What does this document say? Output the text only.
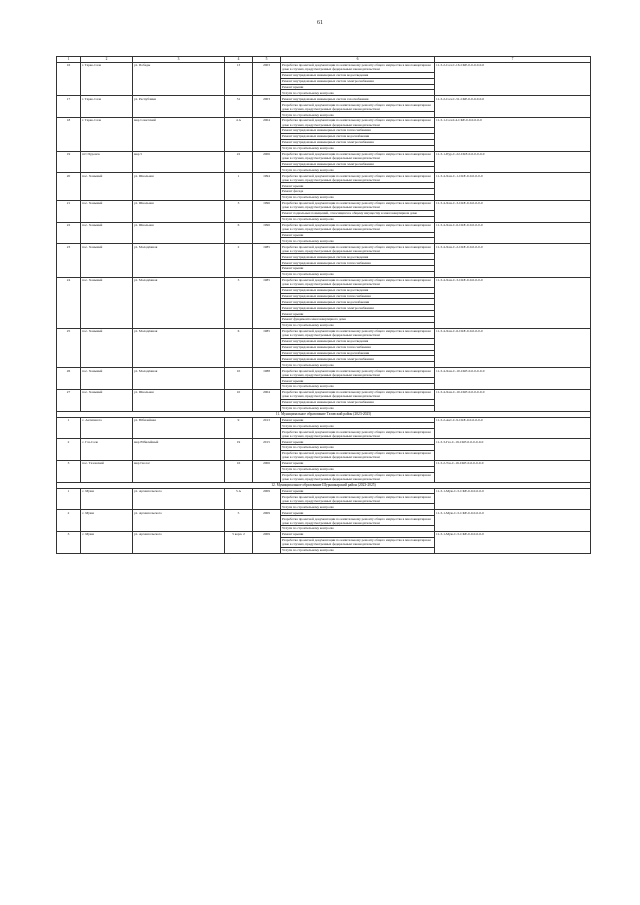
61
1	2	3	4	5	6	7
16	г. Тарко-Сале	ул. Победы	13	2003	Разработка проектной документации по капитальному ремонту общего имущества в многоквартирном доме в случаях, предусмотренных федеральным законодательством	11-3-2-Сал-С-16-СКЕ-0-0-0-0-0-0
					Ремонт внутридомовых инженерных систем водоотведения	
					Ремонт внутридомовых инженерных систем электроснабжения	
					Ремонт крыши	
					Услуги по строительному контролю	
17	г. Тарко-Сале	ул. Республики	31	2003	Ремонт внутридомовых инженерных систем газоснабжения	11-3-2-Сал-С-31-СКЕ-0-0-0-0-0-0
					Разработка проектной документации по капитальному ремонту общего имущества в многоквартирном доме в случаях, предусмотренных федеральным законодательством	
					Услуги по строительному контролю	
18	г. Тарко-Сале	мкр Советский	4 А	2004	Разработка проектной документации по капитальному ремонту общего имущества в многоквартирном доме в случаях, предусмотренных федеральным законодательством	11-3-1-Сал-0-4-СКЕ-0-0-0-0-0-0
					Ремонт внутридомовых инженерных систем теплоснабжения	
					Ремонт внутридомовых инженерных систем водоснабжения	
					Ремонт внутридомовых инженерных систем электроснабжения	
					Услуги по строительному контролю	
19	пгт Пуровск	мкр 5	22	2006	Разработка проектной документации по капитальному ремонту общего имущества в многоквартирном доме в случаях, предусмотренных федеральным законодательством	11-3-1-Пур-С-22-СКЕ-0-0-0-0-0-0
					Ремонт внутридомовых инженерных систем электроснабжения	
					Услуги по строительному контролю	
20	пос. Ханымей	ул. Школьная	1	1994	Разработка проектной документации по капитальному ремонту общего имущества в многоквартирном доме в случаях, предусмотренных федеральным законодательством	11-3-4-Хан-С-1-СКЕ-0-0-0-0-0-0
					Ремонт крыши	
					Ремонт фасада	
					Услуги по строительному контролю	
21	пос. Ханымей	ул. Школьная	3	1996	Разработка проектной документации по капитальному ремонту общего имущества в многоквартирном доме в случаях, предусмотренных федеральным законодательством	11-3-4-Хан-С-3-СКЕ-0-0-0-0-0-0
					Ремонт подвальных помещений, относящихся к общему имуществу в многоквартирном доме	
					Услуги по строительному контролю	
22	пос. Ханымей	ул. Школьная	6	1996	Разработка проектной документации по капитальному ремонту общего имущества в многоквартирном доме в случаях, предусмотренных федеральным законодательством	11-3-4-Хан-С-6-СКЕ-0-0-0-0-0-0
					Ремонт крыши	
					Услуги по строительному контролю	
23	пос. Ханымей	ул. Молодёжная	2	1985	Разработка проектной документации по капитальному ремонту общего имущества в многоквартирном доме в случаях, предусмотренных федеральным законодательством	11-3-4-Хан-С-2-СКЕ-0-0-0-0-0-0
					Ремонт внутридомовых инженерных систем водоотведения	
					Ремонт внутридомовых инженерных систем теплоснабжения	
					Ремонт крыши	
					Услуги по строительному контролю	
24	пос. Ханымей	ул. Молодёжная	3	1985	Разработка проектной документации по капитальному ремонту общего имущества в многоквартирном доме в случаях, предусмотренных федеральным законодательством	11-3-4-Хан-С-3-СКЕ-0-0-0-0-0-0
					Ремонт внутридомовых инженерных систем водоотведения	
					Ремонт внутридомовых инженерных систем теплоснабжения	
					Ремонт внутридомовых инженерных систем водоснабжения	
					Ремонт внутридомовых инженерных систем электроснабжения	
					Ремонт крыши	
					Ремонт фундамента многоквартирного дома	
					Услуги по строительному контролю	
25	пос. Ханымей	ул. Молодёжная	6	1985	Разработка проектной документации по капитальному ремонту общего имущества в многоквартирном доме в случаях, предусмотренных федеральным законодательством	11-3-4-Хан-С-6-СКЕ-0-0-0-0-0-0
					Ремонт внутридомовых инженерных систем водоотведения	
					Ремонт внутридомовых инженерных систем теплоснабжения	
					Ремонт внутридомовых инженерных систем водоснабжения	
					Ремонт внутридомовых инженерных систем электроснабжения	
					Услуги по строительному контролю	
26	пос. Ханымей	ул. Молодёжная	10	1988	Разработка проектной документации по капитальному ремонту общего имущества в многоквартирном доме в случаях, предусмотренных федеральным законодательством	11-3-4-Хан-С-10-СКЕ-0-0-0-0-0-0
					Ремонт крыши	
					Услуги по строительному контролю	
27	пос. Ханымей	ул. Школьная	10	2004	Разработка проектной документации по капитальному ремонту общего имущества в многоквартирном доме в случаях, предусмотренных федеральным законодательством	11-3-4-Хан-С-10-СКЕ-0-0-0-0-0-0
					Ремонт внутридомовых инженерных систем электроснабжения	
					Услуги по строительному контролю	
11. Муниципальное образование Тазовский район (2023-2025)						
1	с. Антипаюта	ул. Юбилейная	9	2013	Ремонт крыши	11-3-2-Ант-С-9-СКЕ-0-0-0-0-0-0
					Услуги по строительному контролю	
					Разработка проектной документации по капитальному ремонту общего имущества в многоквартирном доме в случаях, предусмотренных федеральным законодательством	
2	с. Газ-Сале	мкр Юбилейный	19	2015	Ремонт крыши	11-3-3-Газ-С-19-СКЕ-0-0-0-0-0-0
					Услуги по строительному контролю	
					Разработка проектной документации по капитальному ремонту общего имущества в многоквартирном доме в случаях, предусмотренных федеральным законодательством	
3	пос. Тазовский	мкр Геолог	16	2006	Ремонт крыши	11-3-2-Таз-С-16-СКЕ-0-0-0-0-0-0
					Услуги по строительному контролю	
					Разработка проектной документации по капитальному ремонту общего имущества в многоквартирном доме в случаях, предусмотренных федеральным законодательством	
12. Муниципальное образование Шурышкарский район (2023-2025)						
1	с. Мужи	ул. Архангельского	5 А	2009	Ремонт крыши	11-3-1-Муж-С-5-СКЕ-0-0-0-0-0-0
					Разработка проектной документации по капитальному ремонту общего имущества в многоквартирном доме в случаях, предусмотренных федеральным законодательством	
					Услуги по строительному контролю	
2	с. Мужи	ул. Архангельского	5	2009	Ремонт крыши	11-3-1-Муж-С-5-СКЕ-0-0-0-0-0-0
					Разработка проектной документации по капитальному ремонту общего имущества в многоквартирном доме в случаях, предусмотренных федеральным законодательством	
					Услуги по строительному контролю	
3	с. Мужи	ул. Архангельского	5 корп. 2	2009	Ремонт крыши	11-3-1-Муж-С-5-СКЕ-0-0-0-0-0-0
					Разработка проектной документации по капитальному ремонту общего имущества в многоквартирном доме в случаях, предусмотренных федеральным законодательством	
					Услуги по строительному контролю	
